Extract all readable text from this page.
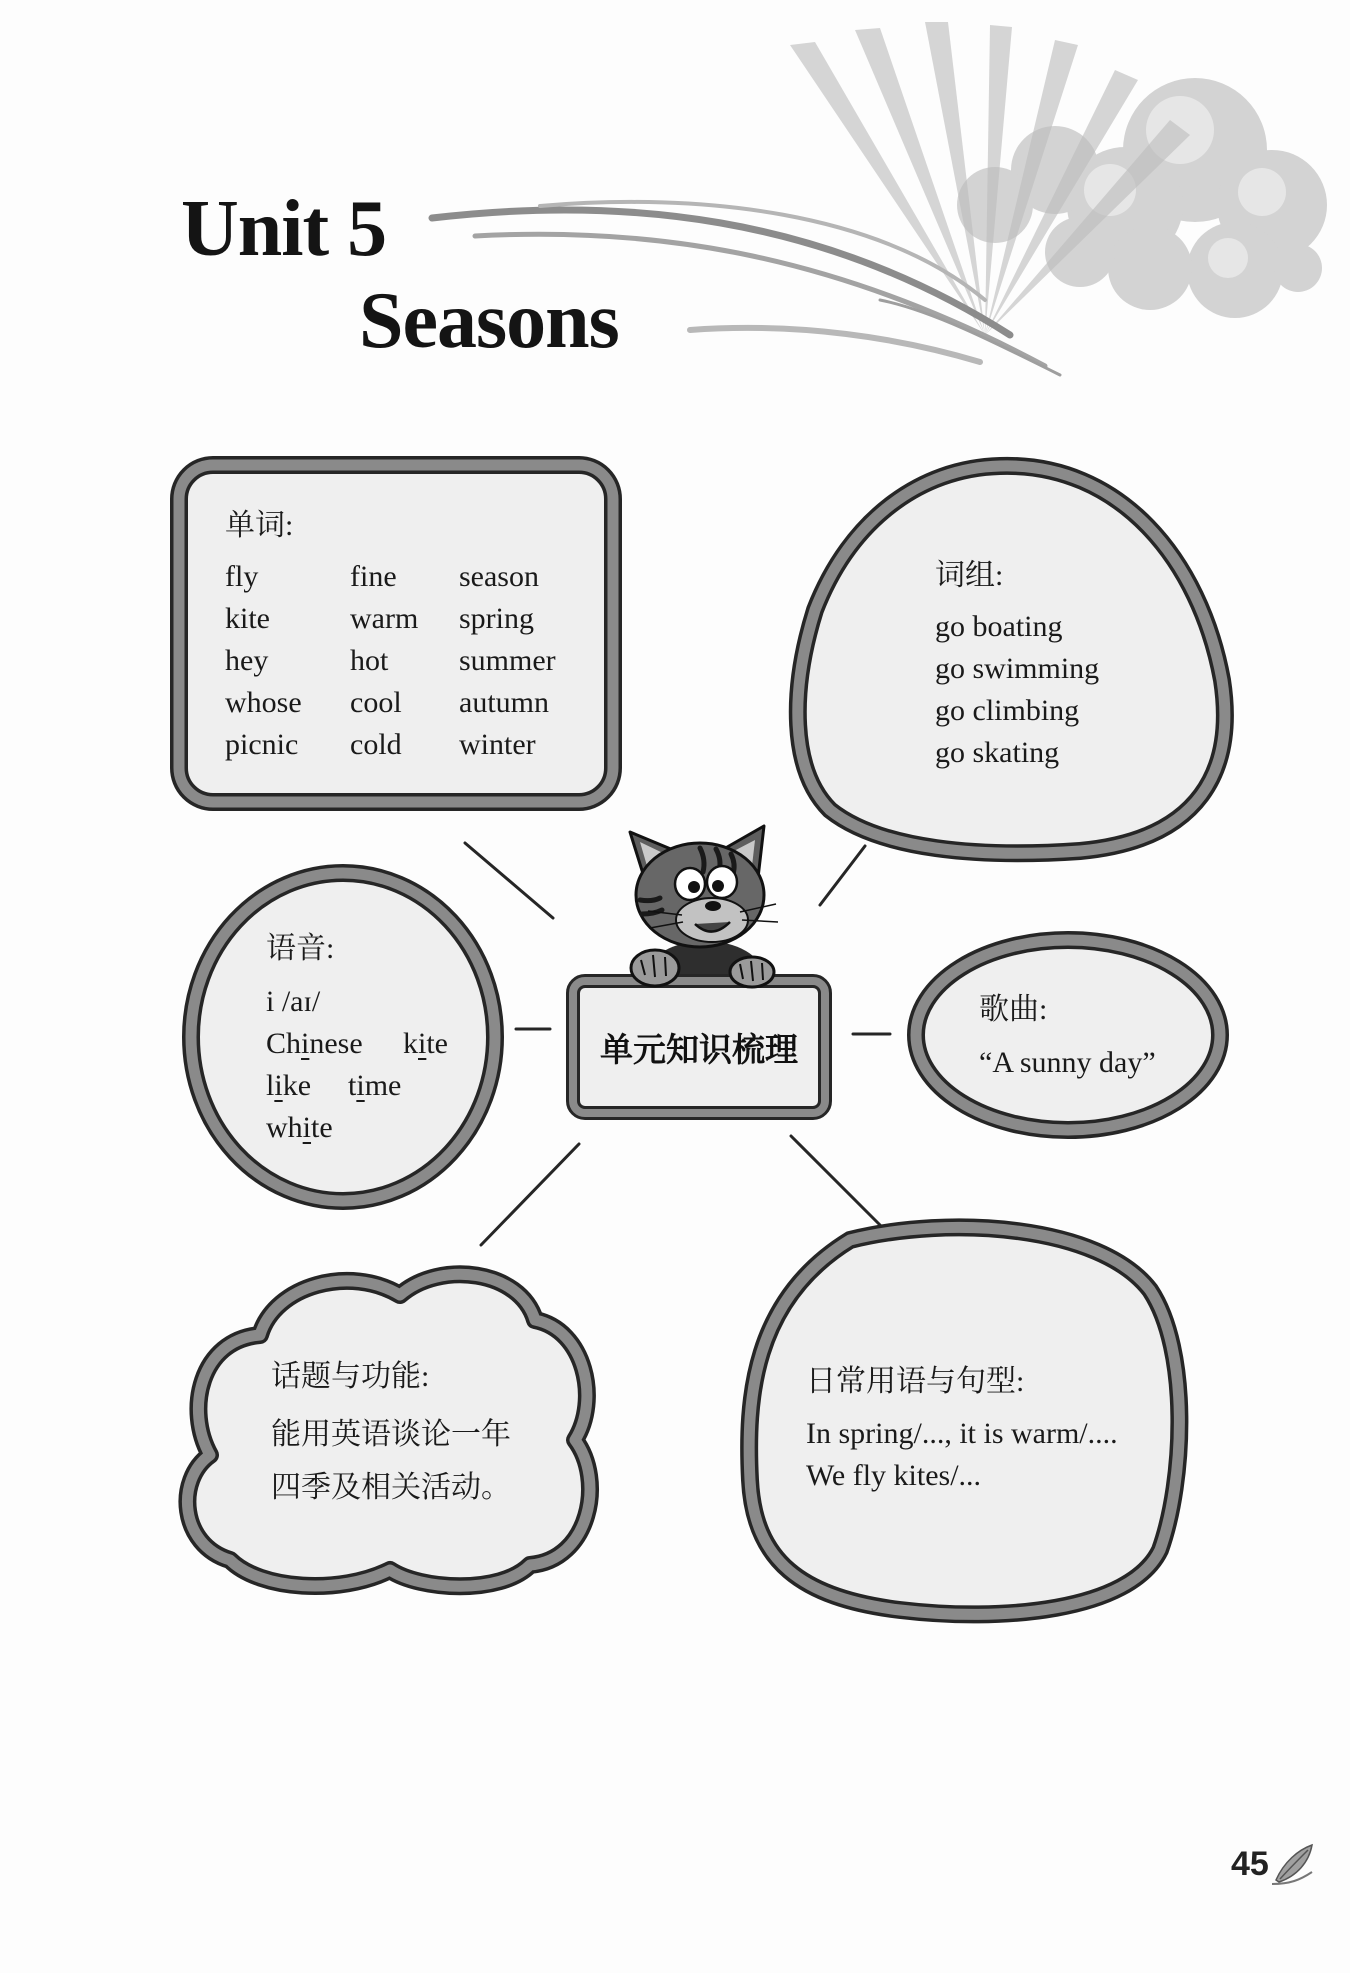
Unit 5
Seasons
单词:
fly	fine	season
kite	warm	spring
hey	hot	summer
whose	cool	autumn
picnic	cold	winter
词组:
go boating
go swimming
go climbing
go skating
语音:
i /aɪ/
Chinese kite
like time
white
单元知识梳理
歌曲:
“A sunny day”
话题与功能:
能用英语谈论一年
四季及相关活动。
日常用语与句型:
In spring/..., it is warm/....
We fly kites/...
45
